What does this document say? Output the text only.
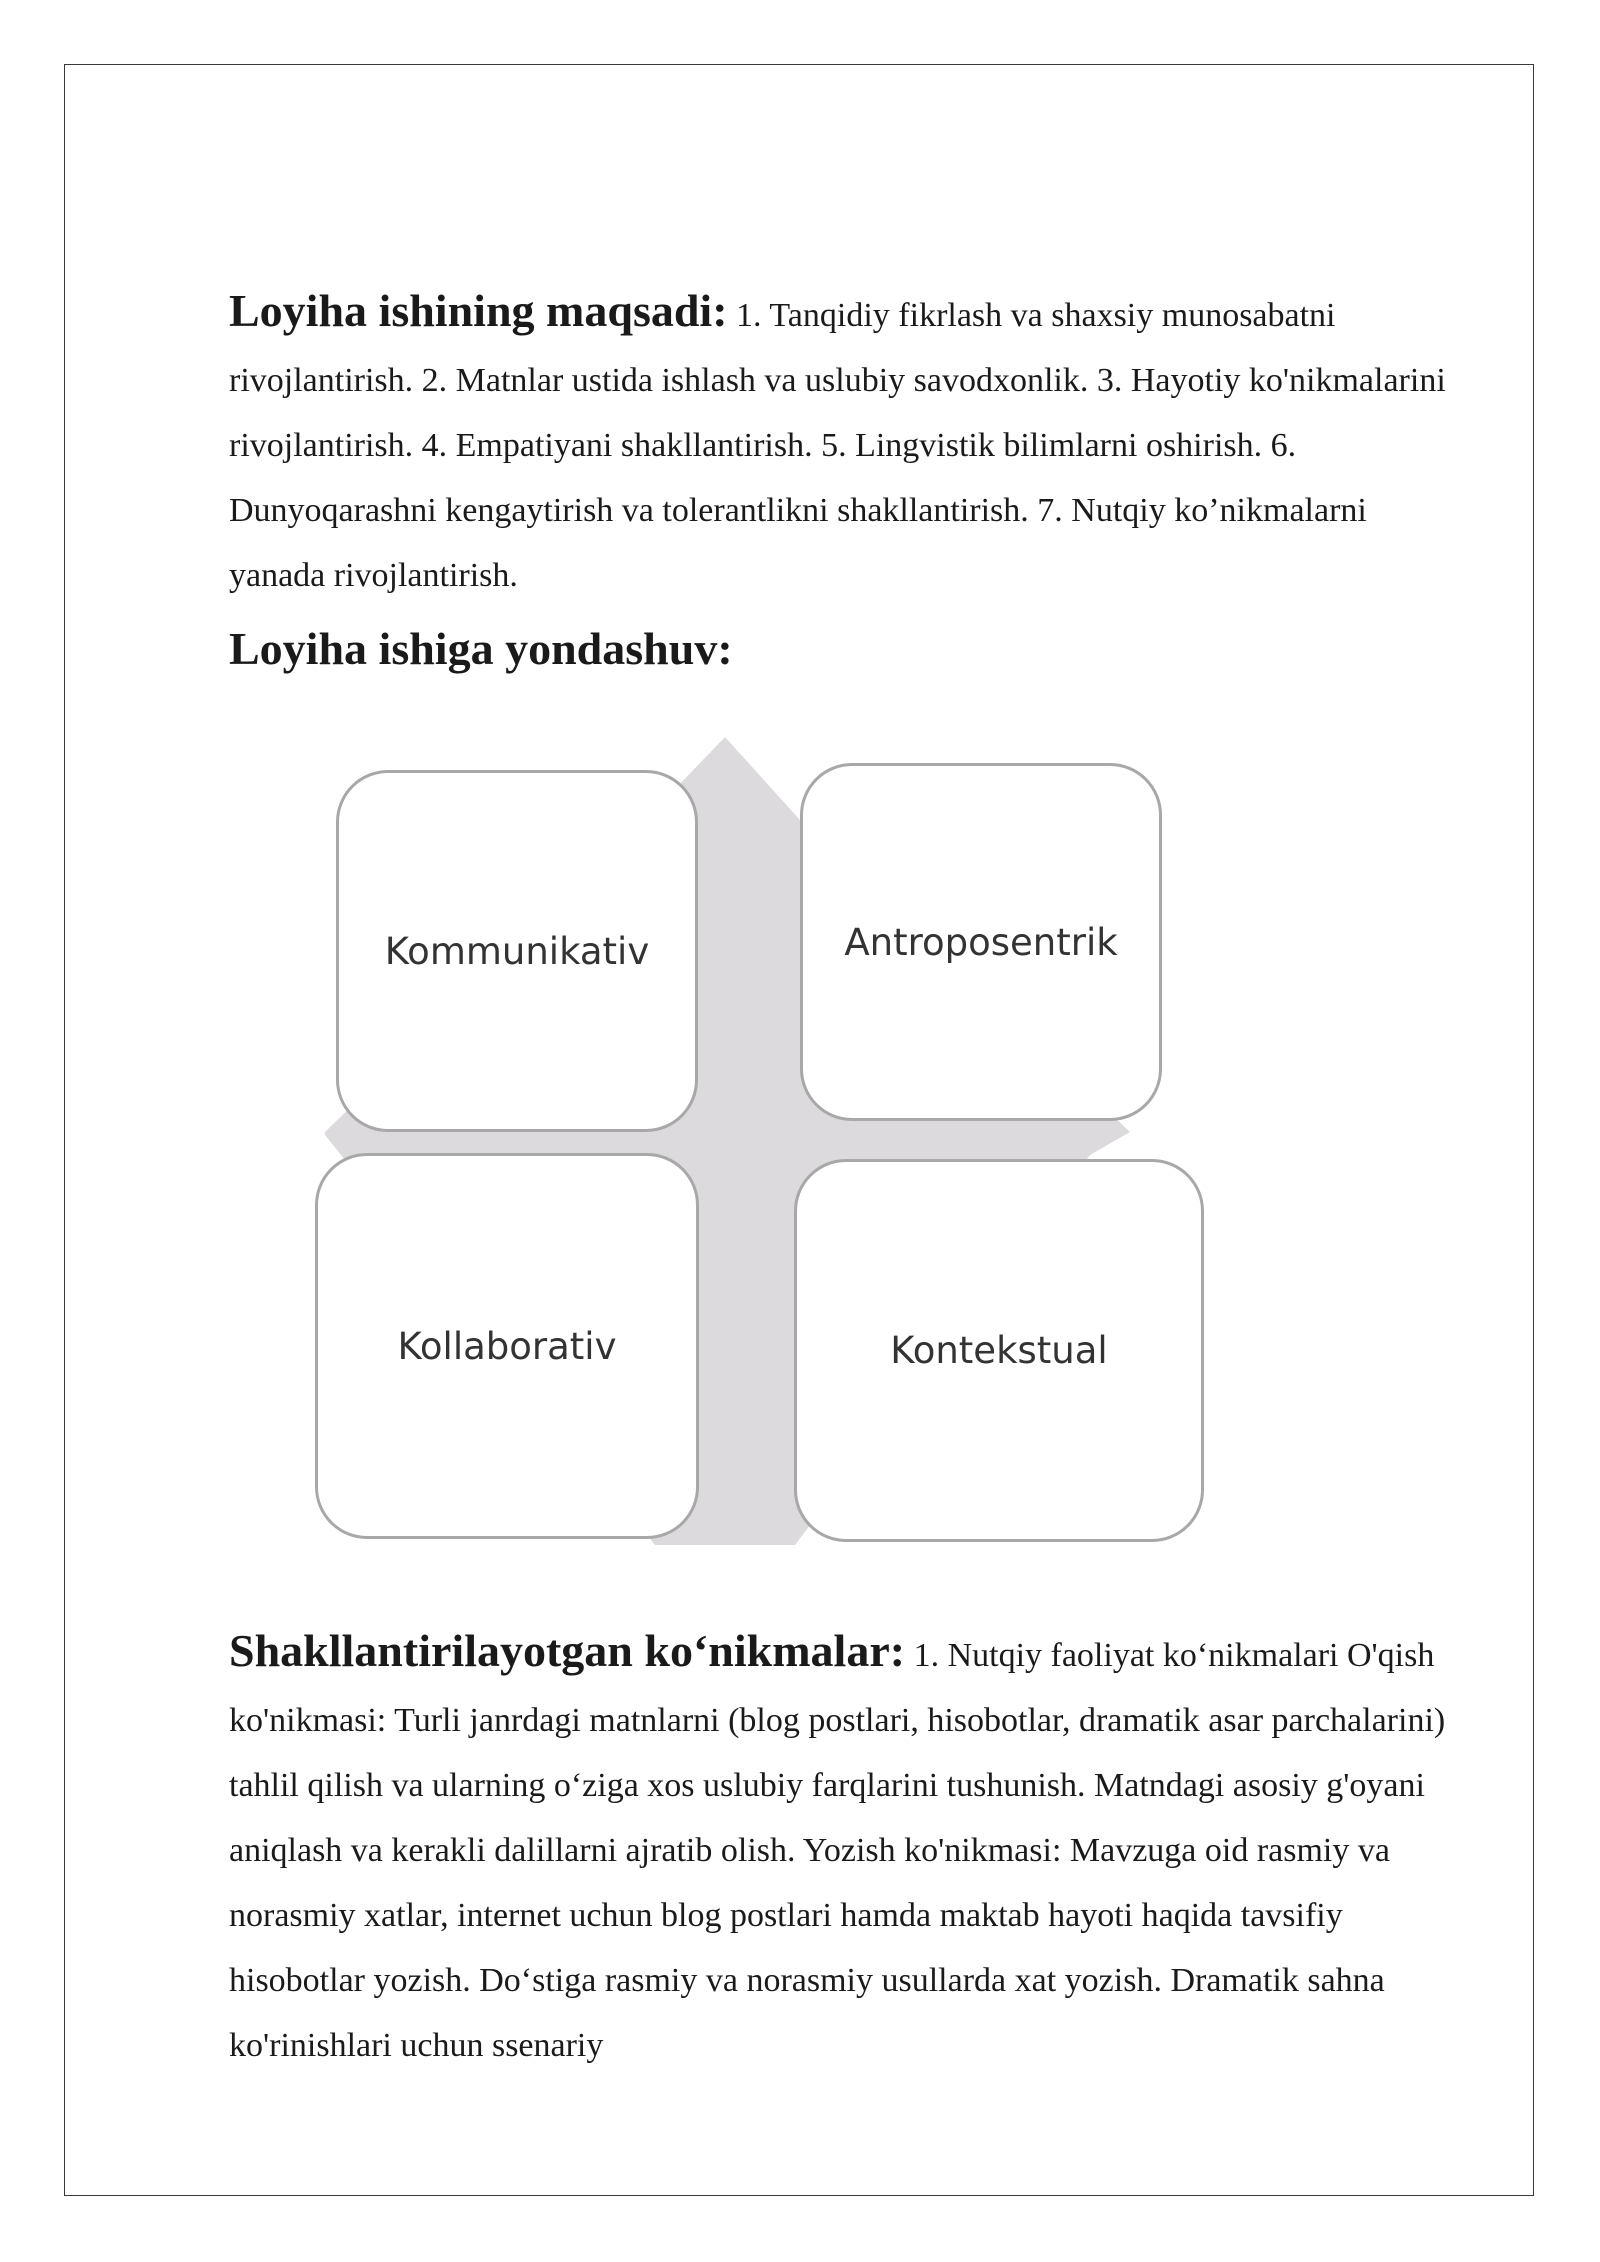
Loyiha ishining maqsadi: 1. Tanqidiy fikrlash va shaxsiy munosabatni rivojlantirish. 2. Matnlar ustida ishlash va uslubiy savodxonlik. 3. Hayotiy ko'nikmalarini rivojlantirish. 4. Empatiyani shakllantirish. 5. Lingvistik bilimlarni oshirish. 6. Dunyoqarashni kengaytirish va tolerantlikni shakllantirish. 7. Nutqiy ko’nikmalarni yanada rivojlantirish.
Loyiha ishiga yondashuv:
Kommunikativ	Antroposentrik
Kollaborativ	Kontekstual
Shakllantirilayotgan ko‘nikmalar: 1. Nutqiy faoliyat ko‘nikmalari O'qish ko'nikmasi: Turli janrdagi matnlarni (blog postlari, hisobotlar, dramatik asar parchalarini) tahlil qilish va ularning o‘ziga xos uslubiy farqlarini tushunish. Matndagi asosiy g'oyani aniqlash va kerakli dalillarni ajratib olish. Yozish ko'nikmasi: Mavzuga oid rasmiy va norasmiy xatlar, internet uchun blog postlari hamda maktab hayoti haqida tavsifiy hisobotlar yozish. Do‘stiga rasmiy va norasmiy usullarda xat yozish. Dramatik sahna ko'rinishlari uchun ssenariy
